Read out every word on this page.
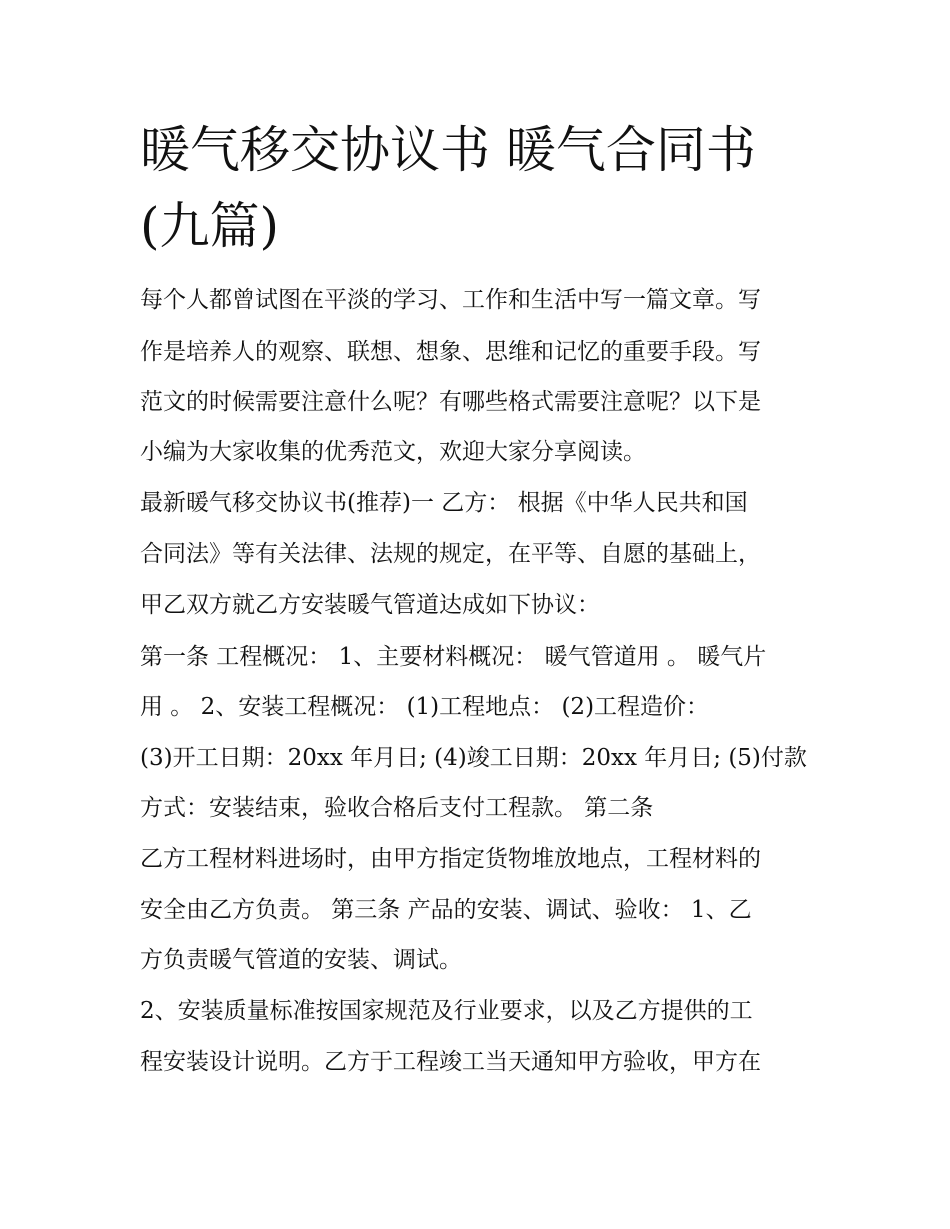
暖气移交协议书 暖气合同书
(九篇)
每个人都曾试图在平淡的学习、工作和生活中写一篇文章。写
作是培养人的观察、联想、想象、思维和记忆的重要手段。写
范文的时候需要注意什么呢？有哪些格式需要注意呢？以下是
小编为大家收集的优秀范文，欢迎大家分享阅读。
最新暖气移交协议书(推荐)一 乙方： 根据《中华人民共和国
合同法》等有关法律、法规的规定，在平等、自愿的基础上，
甲乙双方就乙方安装暖气管道达成如下协议：
第一条 工程概况： 1、主要材料概况： 暖气管道用 。 暖气片
用 。 2、安装工程概况： (1)工程地点： (2)工程造价：
(3)开工日期：20xx 年月日; (4)竣工日期：20xx 年月日; (5)付款
方式：安装结束，验收合格后支付工程款。 第二条
乙方工程材料进场时，由甲方指定货物堆放地点，工程材料的
安全由乙方负责。 第三条 产品的安装、调试、验收： 1、乙
方负责暖气管道的安装、调试。
2、安装质量标准按国家规范及行业要求，以及乙方提供的工
程安装设计说明。乙方于工程竣工当天通知甲方验收，甲方在
